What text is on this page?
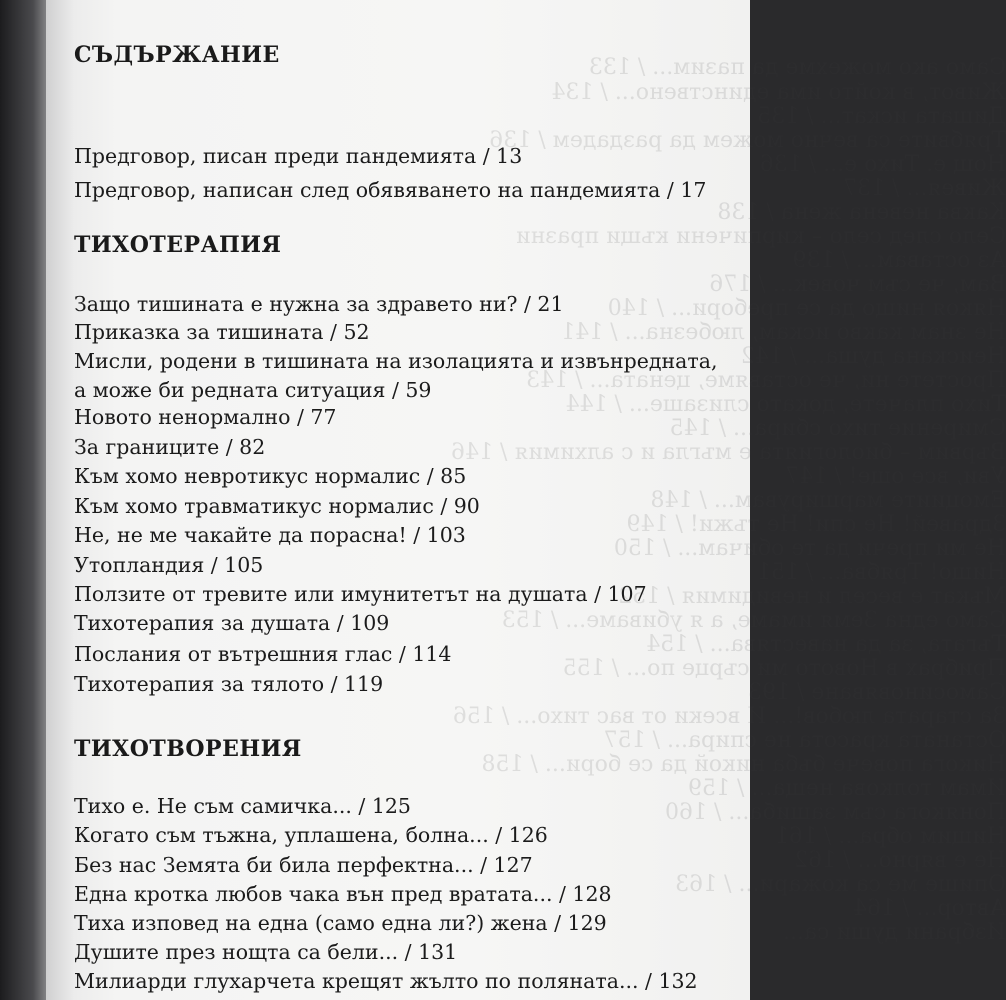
Само ако можехме да пазим... / 133
Живот, в който има единствено... / 134
Дишата искат... / 135
Трябвите са вечно можем да раздадем / 136
Нощ е. Тихо е... / 136
Живея... / 137
Каква невена жена / 138
Село след село – кирпичени къщи празни
Аз оставам... / 139
Вам, че съм човек... / 176
Някоя нищо да се пребори... / 140
Не знам какво искам, любезна... / 141
Неискана душа... / 142
Простете ни, че оставяме, цената... / 143
Тихо плачете, докато слизаше... / 144
Смирение тихо сбира... / 145
Вървим – биологията е мъгла и с алхимия / 146
Уви, все още! / 147
Емоциите марширувам... / 148
Здравей! Не спи! Не тъжи! / 149
Не ми пречи да те обичам... / 150
Нищо! Трябва... / 151
Мъкат е весел и невидимия / 152
Само една Земя имаме, а я убиваме... / 153
Тъгата, за да навестява... / 154
Прибрах в Новото ми сърце по... / 155
Самосиновяване / 193
За старата любов!... И всеки от вас тихо... / 156
Останата красота не спира... / 157
Никога повече бъба никой да се бори... / 158
Имам толкова неща... / 159
Понякога съм зашиба... / 160
Нищим обра... / 161
Не е вярно... / 162
Опише ме са кожари... / 163
Автор... / 164
Избрани души са...
СЪДЪРЖАНИЕ
Предговор, писан преди пандемията / 13
Предговор, написан след обявяването на пандемията / 17
ТИХОТЕРАПИЯ
Защо тишината е нужна за здравето ни? / 21
Приказка за тишината / 52
Мисли, родени в тишината на изолацията и извънредната,
а може би редната ситуация / 59
Новото ненормално / 77
За границите / 82
Към хомо невротикус нормалис / 85
Към хомо травматикус нормалис / 90
Не, не ме чакайте да порасна! / 103
Утопландия / 105
Ползите от тревите или имунитетът на душата / 107
Тихотерапия за душата / 109
Послания от вътрешния глас / 114
Тихотерапия за тялото / 119
ТИХОТВОРЕНИЯ
Тихо е. Не съм самичка... / 125
Когато съм тъжна, уплашена, болна... / 126
Без нас Земята би била перфектна... / 127
Една кротка любов чака вън пред вратата... / 128
Тиха изповед на една (само една ли?) жена / 129
Душите през нощта са бели... / 131
Милиарди глухарчета крещят жълто по поляната... / 132
